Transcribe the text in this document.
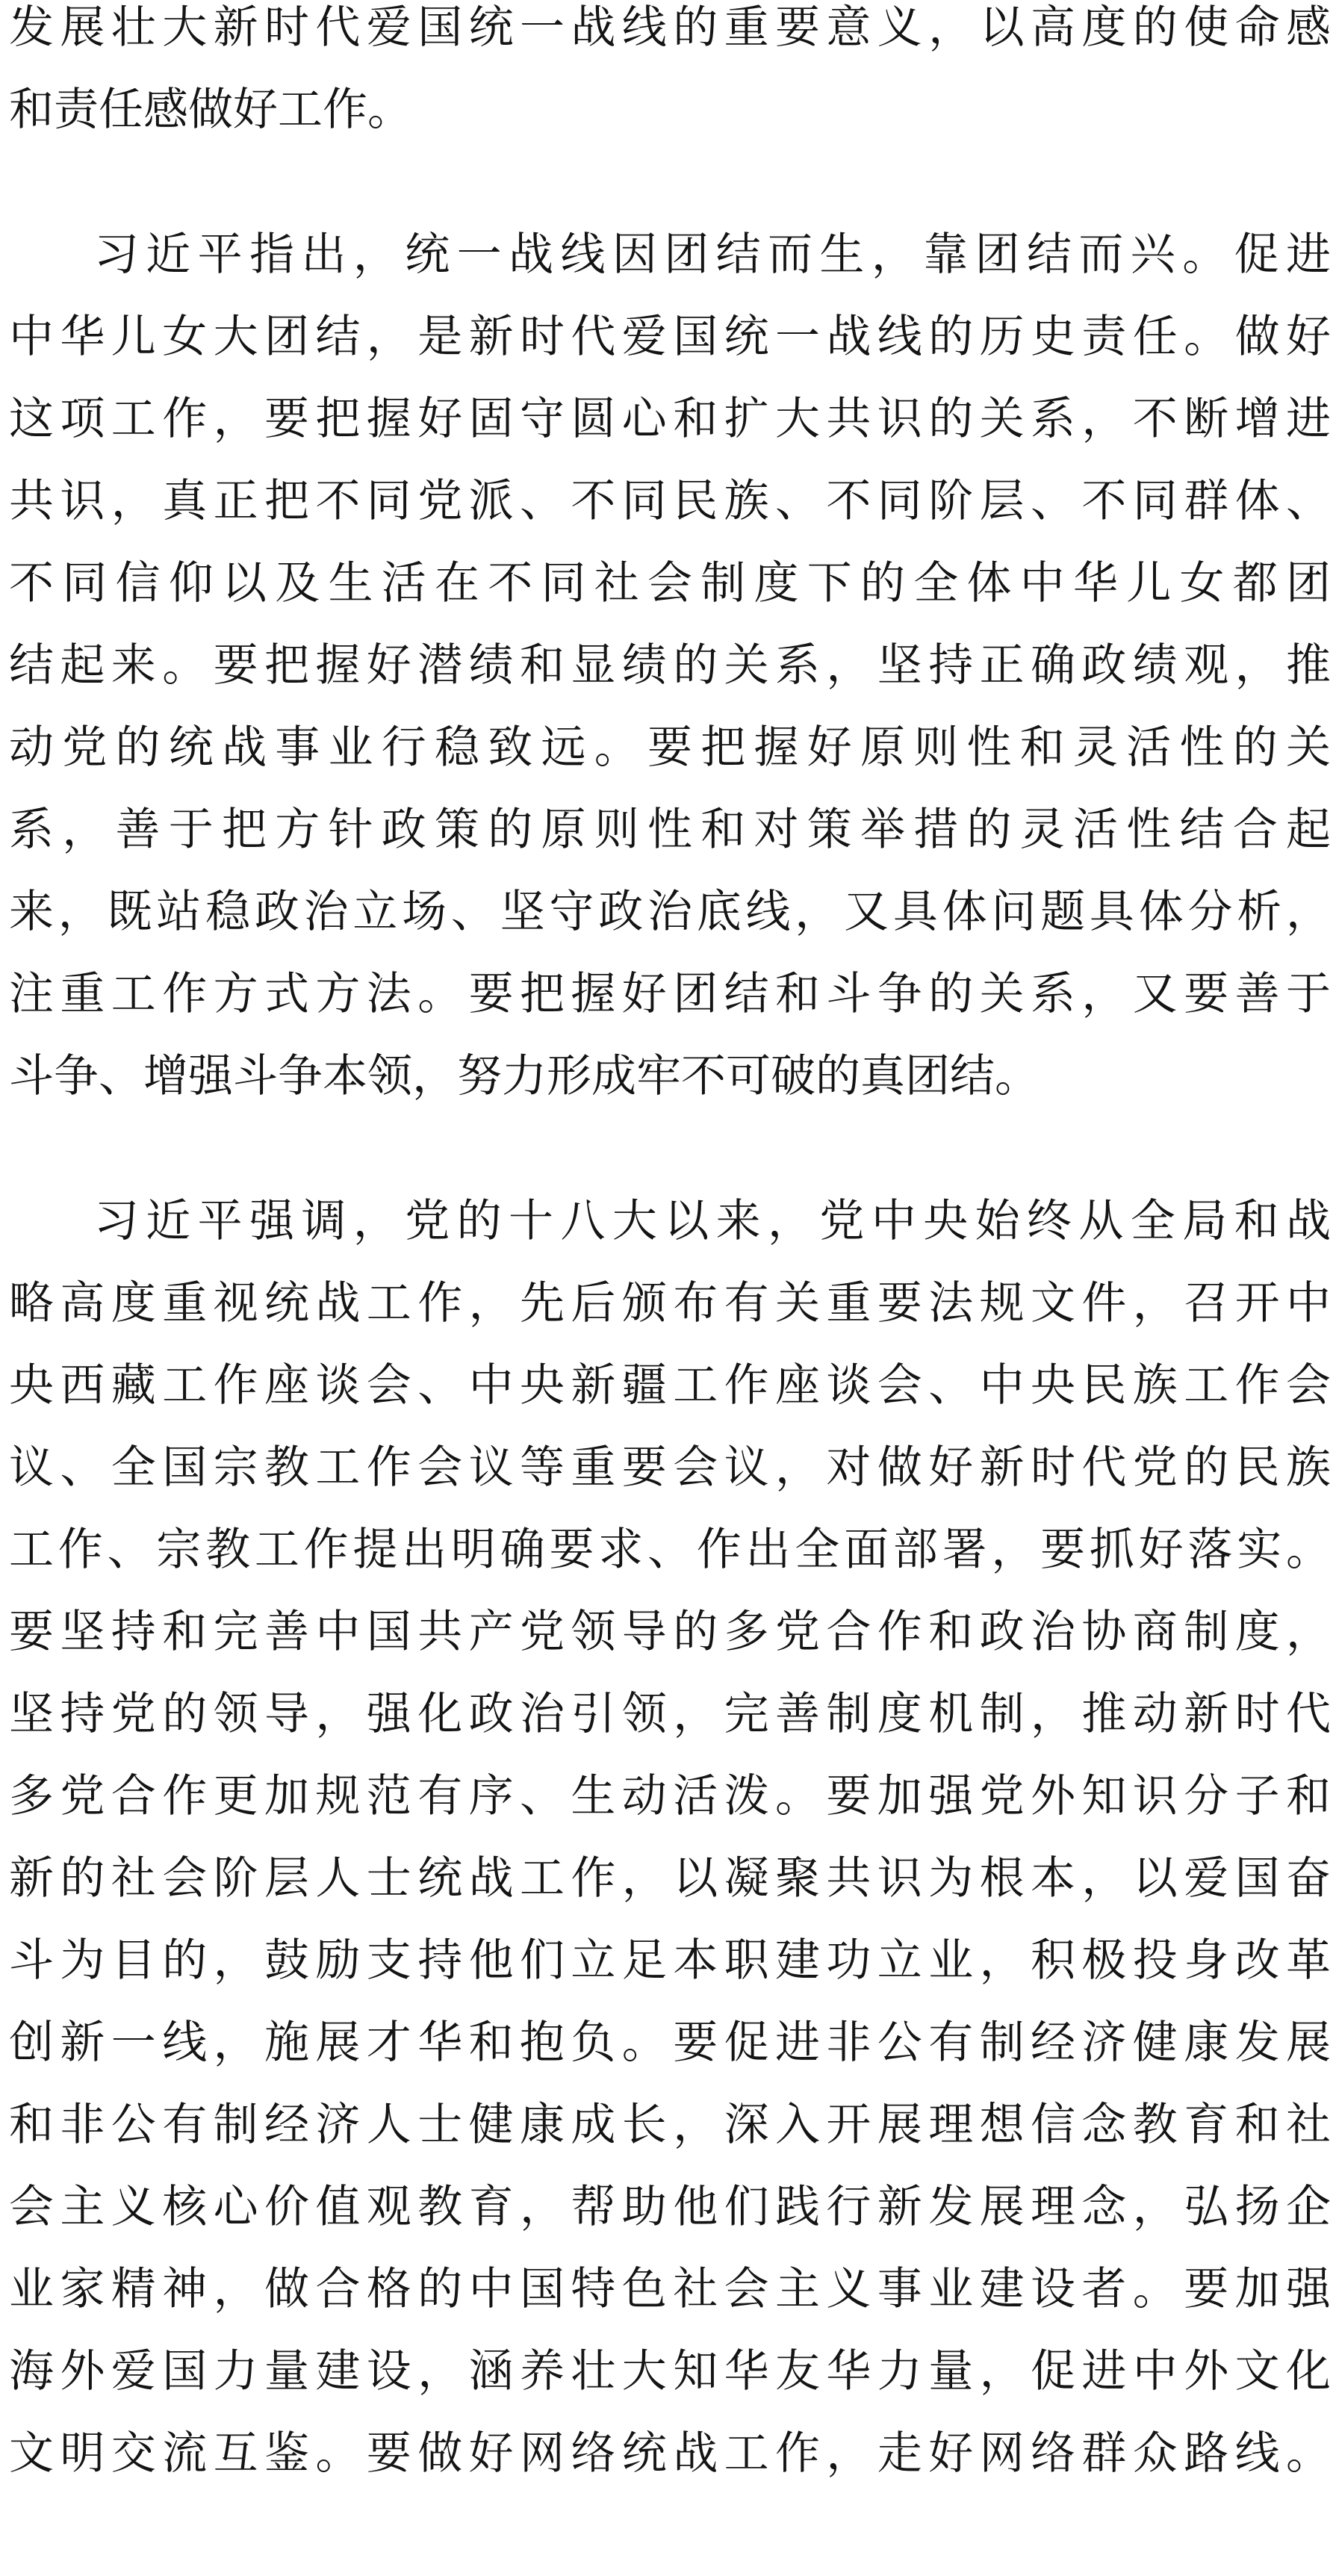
发展壮大新时代爱国统一战线的重要意义，以高度的使命感
和责任感做好工作。
习近平指出，统一战线因团结而生，靠团结而兴。促进
中华儿女大团结，是新时代爱国统一战线的历史责任。做好
这项工作，要把握好固守圆心和扩大共识的关系，不断增进
共识，真正把不同党派、不同民族、不同阶层、不同群体、
不同信仰以及生活在不同社会制度下的全体中华儿女都团
结起来。要把握好潜绩和显绩的关系，坚持正确政绩观，推
动党的统战事业行稳致远。要把握好原则性和灵活性的关
系，善于把方针政策的原则性和对策举措的灵活性结合起
来，既站稳政治立场、坚守政治底线，又具体问题具体分析，
注重工作方式方法。要把握好团结和斗争的关系，又要善于
斗争、增强斗争本领，努力形成牢不可破的真团结。
习近平强调，党的十八大以来，党中央始终从全局和战
略高度重视统战工作，先后颁布有关重要法规文件，召开中
央西藏工作座谈会、中央新疆工作座谈会、中央民族工作会
议、全国宗教工作会议等重要会议，对做好新时代党的民族
工作、宗教工作提出明确要求、作出全面部署，要抓好落实。
要坚持和完善中国共产党领导的多党合作和政治协商制度，
坚持党的领导，强化政治引领，完善制度机制，推动新时代
多党合作更加规范有序、生动活泼。要加强党外知识分子和
新的社会阶层人士统战工作，以凝聚共识为根本，以爱国奋
斗为目的，鼓励支持他们立足本职建功立业，积极投身改革
创新一线，施展才华和抱负。要促进非公有制经济健康发展
和非公有制经济人士健康成长，深入开展理想信念教育和社
会主义核心价值观教育，帮助他们践行新发展理念，弘扬企
业家精神，做合格的中国特色社会主义事业建设者。要加强
海外爱国力量建设，涵养壮大知华友华力量，促进中外文化
文明交流互鉴。要做好网络统战工作，走好网络群众路线。
